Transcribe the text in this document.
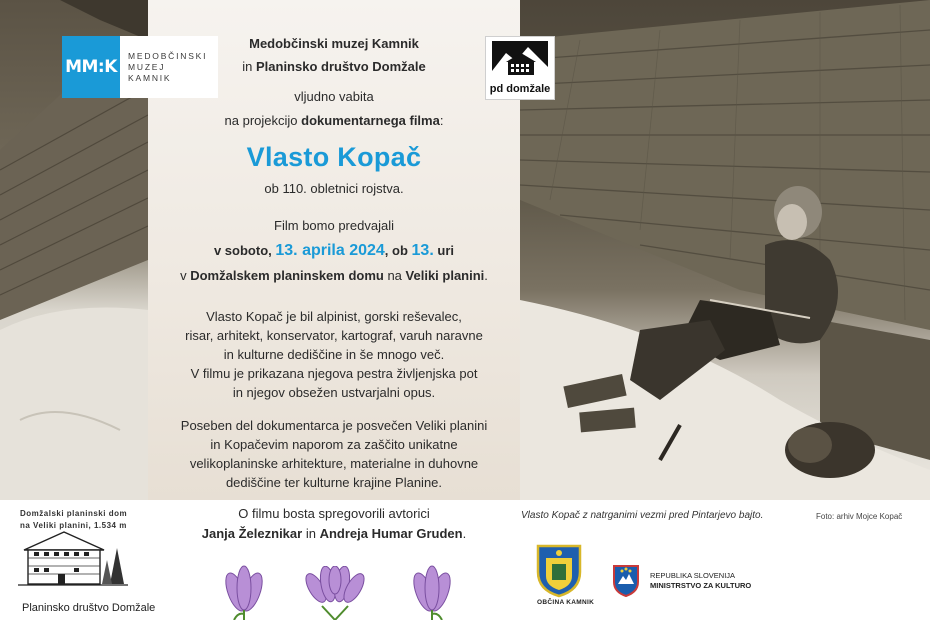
Medobčinski muzej Kamnik
in Planinsko društvo Domžale
vljudno vabita
na projekcijo dokumentarnega filma:
Vlasto Kopač
ob 110. obletnici rojstva.
Film bomo predvajali
v soboto, 13. aprila 2024, ob 13. uri
v Domžalskem planinskem domu na Veliki planini.
Vlasto Kopač je bil alpinist, gorski reševalec,
risar, arhitekt, konservator, kartograf, varuh naravne
in kulturne dediščine in še mnogo več.
V filmu je prikazana njegova pestra življenjska pot
in njegov obsežen ustvarjalni opus.
Poseben del dokumentarca je posvečen Veliki planini
in Kopačevim naporom za zaščito unikatne
velikoplaninske arhitekture, materialne in duhovne
dediščine ter kulturne krajine Planine.
O filmu bosta spregovorili avtorici
Janja Železnikar in Andreja Humar Gruden.
MM:K
MEDOBČINSKI
MUZEJ
KAMNIK
pd domžale
Domžalski planinski dom
na Veliki planini, 1.534 m
Planinsko društvo Domžale
Vlasto Kopač z natrganimi vezmi pred Pintarjevo bajto.	Foto: arhiv Mojce Kopač
OBČINA KAMNIK
REPUBLIKA SLOVENIJA
MINISTRSTVO ZA KULTURO
